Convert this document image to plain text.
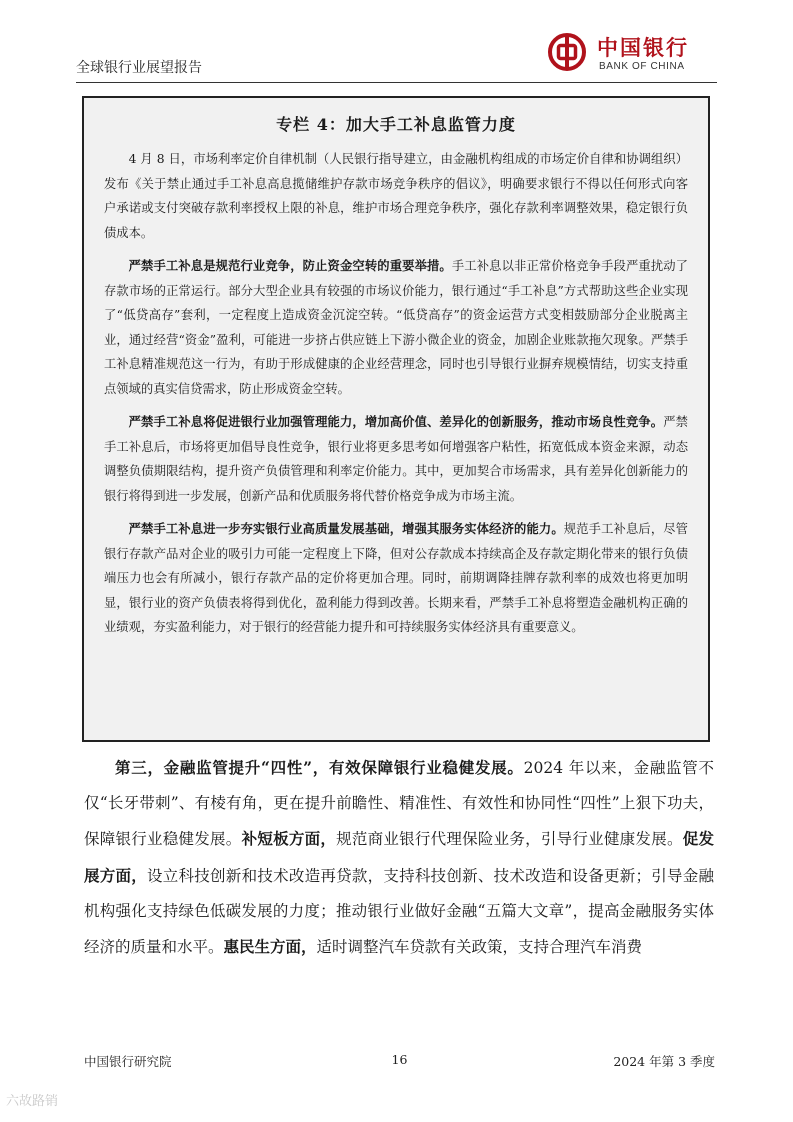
全球银行业展望报告
中国银行
BANK OF CHINA
专栏 4：加大手工补息监管力度

4 月 8 日，市场利率定价自律机制（人民银行指导建立，由金融机构组成的市场定价自律和协调组织）发布《关于禁止通过手工补息高息揽储维护存款市场竞争秩序的倡议》，明确要求银行不得以任何形式向客户承诺或支付突破存款利率授权上限的补息，维护市场合理竞争秩序，强化存款利率调整效果，稳定银行负债成本。

严禁手工补息是规范行业竞争，防止资金空转的重要举措。手工补息以非正常价格竞争手段严重扰动了存款市场的正常运行。部分大型企业具有较强的市场议价能力，银行通过“手工补息”方式帮助这些企业实现了“低贷高存”套利，一定程度上造成资金沉淀空转。“低贷高存”的资金运营方式变相鼓励部分企业脱离主业，通过经营“资金”盈利，可能进一步挤占供应链上下游小微企业的资金，加剧企业账款拖欠现象。严禁手工补息精准规范这一行为，有助于形成健康的企业经营理念，同时也引导银行业摒弃规模情结，切实支持重点领域的真实信贷需求，防止形成资金空转。

严禁手工补息将促进银行业加强管理能力，增加高价值、差异化的创新服务，推动市场良性竞争。严禁手工补息后，市场将更加倡导良性竞争，银行业将更多思考如何增强客户粘性，拓宽低成本资金来源，动态调整负债期限结构，提升资产负债管理和利率定价能力。其中，更加契合市场需求，具有差异化创新能力的银行将得到进一步发展，创新产品和优质服务将代替价格竞争成为市场主流。

严禁手工补息进一步夯实银行业高质量发展基础，增强其服务实体经济的能力。规范手工补息后，尽管银行存款产品对企业的吸引力可能一定程度上下降，但对公存款成本持续高企及存款定期化带来的银行负债端压力也会有所减小，银行存款产品的定价将更加合理。同时，前期调降挂牌存款利率的成效也将更加明显，银行业的资产负债表将得到优化，盈利能力得到改善。长期来看，严禁手工补息将塑造金融机构正确的业绩观，夯实盈利能力，对于银行的经营能力提升和可持续服务实体经济具有重要意义。

第三，金融监管提升“四性”，有效保障银行业稳健发展。2024 年以来，金融监管不仅“长牙带刺”、有棱有角，更在提升前瞻性、精准性、有效性和协同性“四性”上狠下功夫，保障银行业稳健发展。补短板方面，规范商业银行代理保险业务，引导行业健康发展。促发展方面，设立科技创新和技术改造再贷款，支持科技创新、技术改造和设备更新；引导金融机构强化支持绿色低碳发展的力度；推动银行业做好金融“五篇大文章”，提高金融服务实体经济的质量和水平。惠民生方面，适时调整汽车贷款有关政策，支持合理汽车消费

中国银行研究院	16	2024 年第 3 季度
六故路销
